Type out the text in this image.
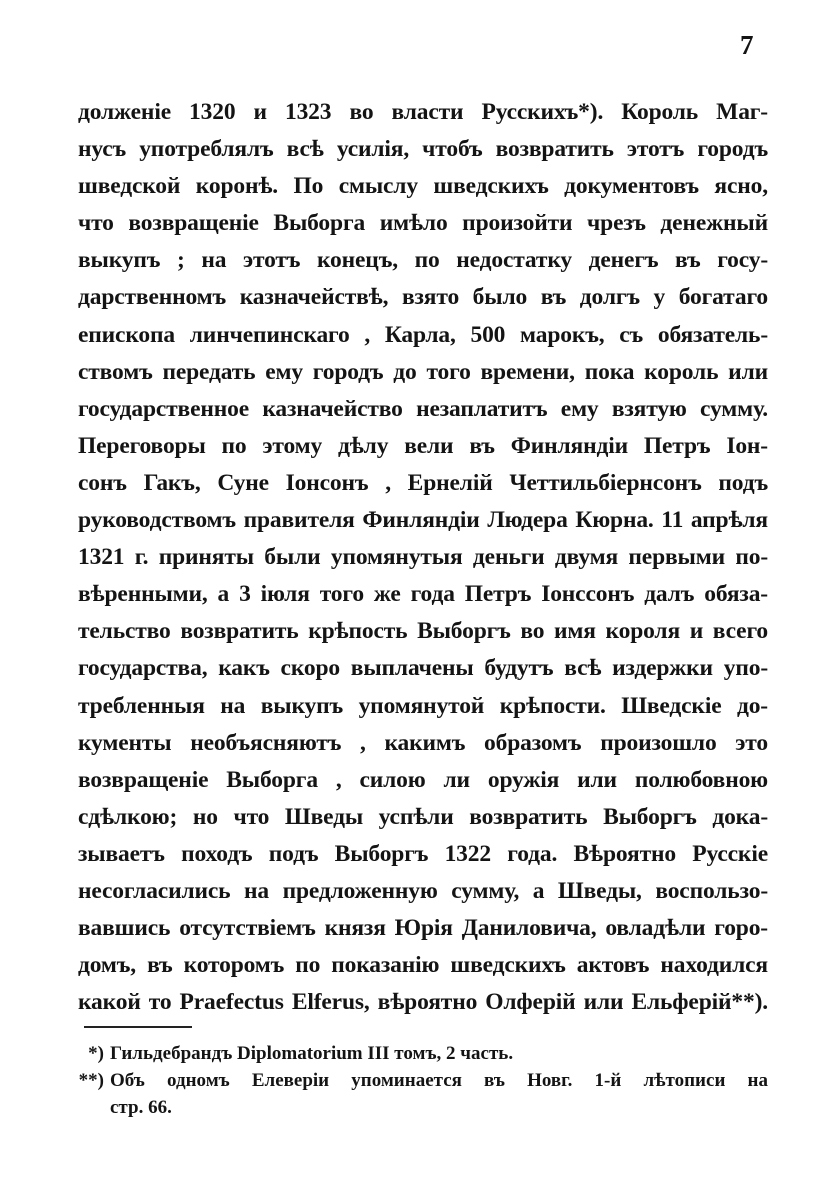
7
долженіе 1320 и 1323 во власти Русскихъ*). Король Маг-
нусъ употреблялъ всѣ усилія, чтобъ возвратить этотъ городъ
шведской коронѣ. По смыслу шведскихъ документовъ ясно,
что возвращеніе Выборга имѣло произойти чрезъ денежный
выкупъ ; на этотъ конецъ, по недостатку денегъ въ госу-
дарственномъ казначействѣ, взято было въ долгъ у богатаго
епископа линчепинскаго , Карла, 500 марокъ, съ обязатель-
ствомъ передать ему городъ до того времени, пока король или
государственное казначейство незаплатитъ ему взятую сумму.
Переговоры по этому дѣлу вели въ Финляндіи Петръ Іон-
сонъ Гакъ, Суне Іонсонъ , Ернелій Четтильбіернсонъ подъ
руководствомъ правителя Финляндіи Людера Кюрна. 11 апрѣля
1321 г. приняты были упомянутыя деньги двумя первыми по-
вѣренными, а 3 іюля того же года Петръ Іонссонъ далъ обяза-
тельство возвратить крѣпость Выборгъ во имя короля и всего
государства, какъ скоро выплачены будутъ всѣ издержки упо-
требленныя на выкупъ упомянутой крѣпости. Шведскіе до-
кументы необъясняютъ , какимъ образомъ произошло это
возвращеніе Выборга , силою ли оружія или полюбовною
сдѣлкою; но что Шведы успѣли возвратить Выборгъ дока-
зываетъ походъ подъ Выборгъ 1322 года. Вѣроятно Русскіе
несогласились на предложенную сумму, а Шведы, воспользо-
вавшись отсутствіемъ князя Юрія Даниловича, овладѣли горо-
домъ, въ которомъ по показанію шведскихъ актовъ находился
какой то Praefectus Elferus, вѣроятно Олферій или Ельферій**).
*) Гильдебрандъ Diplomatorium III томъ, 2 часть.
**) Объ одномъ Елеверіи упоминается въ Новг. 1-й лѣтописи на
стр. 66.
